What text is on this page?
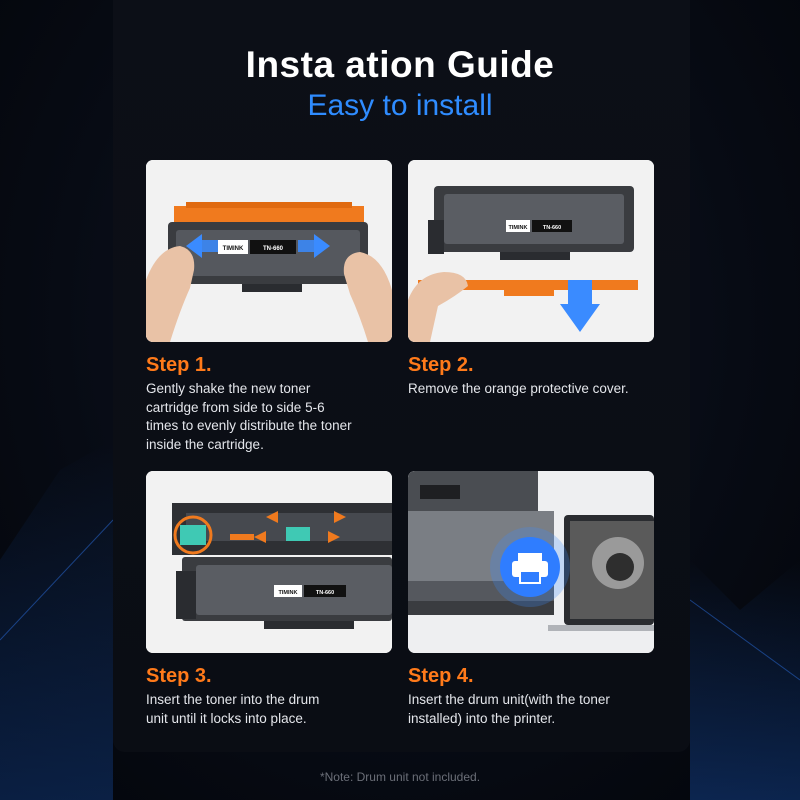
Insta ation Guide
Easy to install
TIMINK	TN-660
Step 1.
Gently shake the new toner
cartridge from side to side 5-6
times to evenly distribute the toner
inside the cartridge.
TIMINK	TN-660
Step 2.
Remove the orange protective cover.
TIMINK	TN-660
Step 3.
Insert the toner into the drum
unit until it locks into place.
Step 4.
Insert the drum unit(with the toner
installed) into the printer.
*Note: Drum unit not included.
